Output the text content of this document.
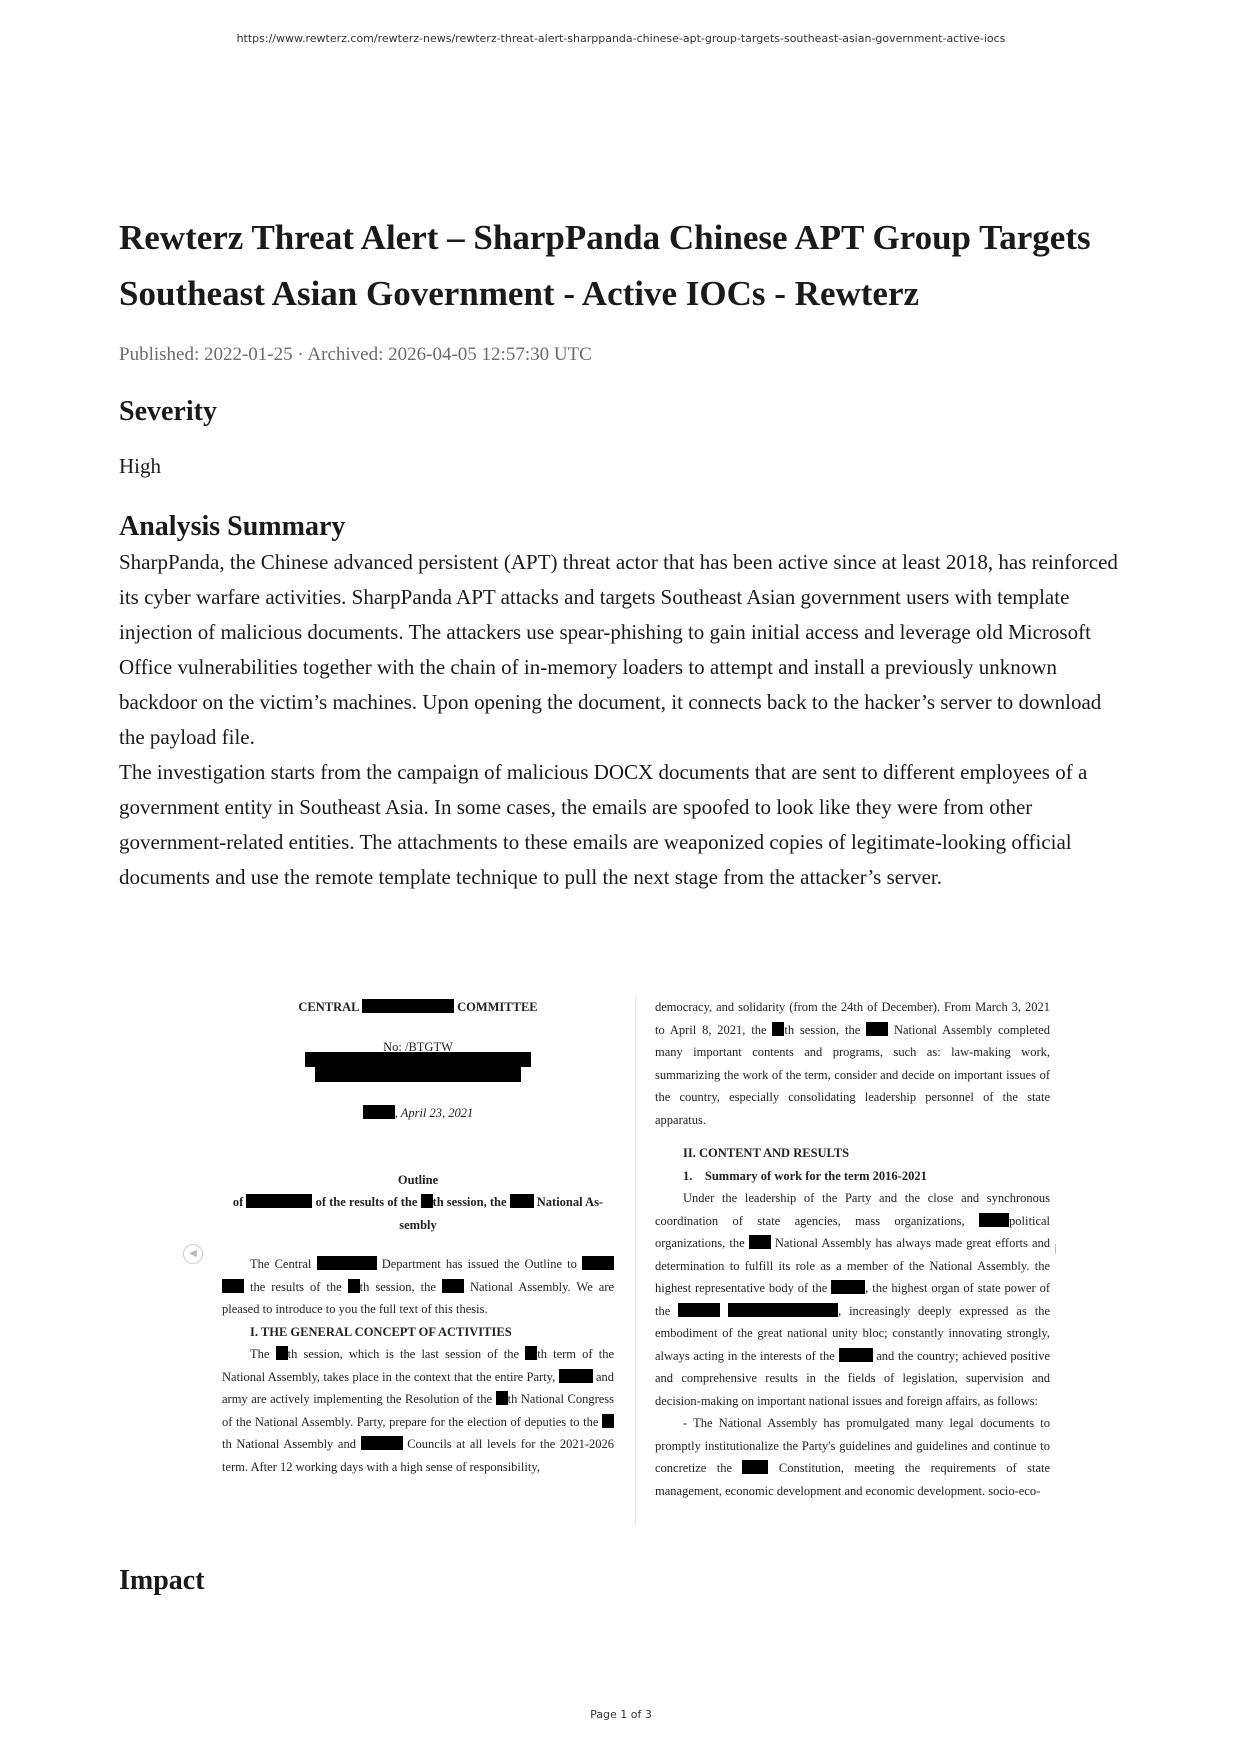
https://www.rewterz.com/rewterz-news/rewterz-threat-alert-sharppanda-chinese-apt-group-targets-southeast-asian-government-active-iocs
Rewterz Threat Alert – SharpPanda Chinese APT Group Targets Southeast Asian Government - Active IOCs - Rewterz
Published: 2022-01-25 · Archived: 2026-04-05 12:57:30 UTC
Severity
High
Analysis Summary

SharpPanda, the Chinese advanced persistent (APT) threat actor that has been active since at least 2018, has reinforced its cyber warfare activities. SharpPanda APT attacks and targets Southeast Asian government users with template injection of malicious documents. The attackers use spear-phishing to gain initial access and leverage old Microsoft Office vulnerabilities together with the chain of in-memory loaders to attempt and install a previously unknown backdoor on the victim’s machines. Upon opening the document, it connects back to the hacker’s server to download the payload file.

The investigation starts from the campaign of malicious DOCX documents that are sent to different employees of a government entity in Southeast Asia. In some cases, the emails are spoofed to look like they were from other government-related entities. The attachments to these emails are weaponized copies of legitimate-looking official documents and use the remote template technique to pull the next stage from the attacker’s server.

◀
CENTRAL	COMMITTEE
No: /BTGTW
, April 23, 2021
Outline
of	of the results of the th session, the National As-
sembly
The Central	Department has issued the Outline to   the results of the th session, the	National Assembly. We are pleased to introduce to you the full text of this thesis.
I. THE GENERAL CONCEPT OF ACTIVITIES
The th session, which is the last session of the th term of the National Assembly, takes place in the context that the entire Party,	and army are actively implementing the Resolution of the th National Congress of the National Assembly. Party, prepare for the election of deputies to the th National Assembly and	Councils at all levels for the 2021-2026 term. After 12 working days with a high sense of responsibility,
democracy, and solidarity (from the 24th of December). From March 3, 2021 to April 8, 2021, the th session, the	National Assembly completed many important contents and programs, such as: law-making work, summarizing the work of the term, consider and decide on important issues of the country, especially consolidating leadership personnel of the state apparatus.
II. CONTENT AND RESULTS
1.    Summary of work for the term 2016-2021
Under the leadership of the Party and the close and synchronous coordination of state agencies, mass organizations,	political organizations, the National Assembly has always made great efforts and determination to fulfill its role as a member of the National Assembly. the highest representative body of the	, the highest organ of state power of the	, increasingly deeply expressed as the embodiment of the great national unity bloc; constantly innovating strongly, always acting in the interests of the	and the country; achieved positive and comprehensive results in the fields of legislation, supervision and decision-making on important national issues and foreign affairs, as follows:
- The National Assembly has promulgated many legal documents to promptly institutionalize the Party's guidelines and guidelines and continue to concretize the	Constitution, meeting the requirements of state management, economic development and economic development. socio-eco-
Impact
Page 1 of 3
